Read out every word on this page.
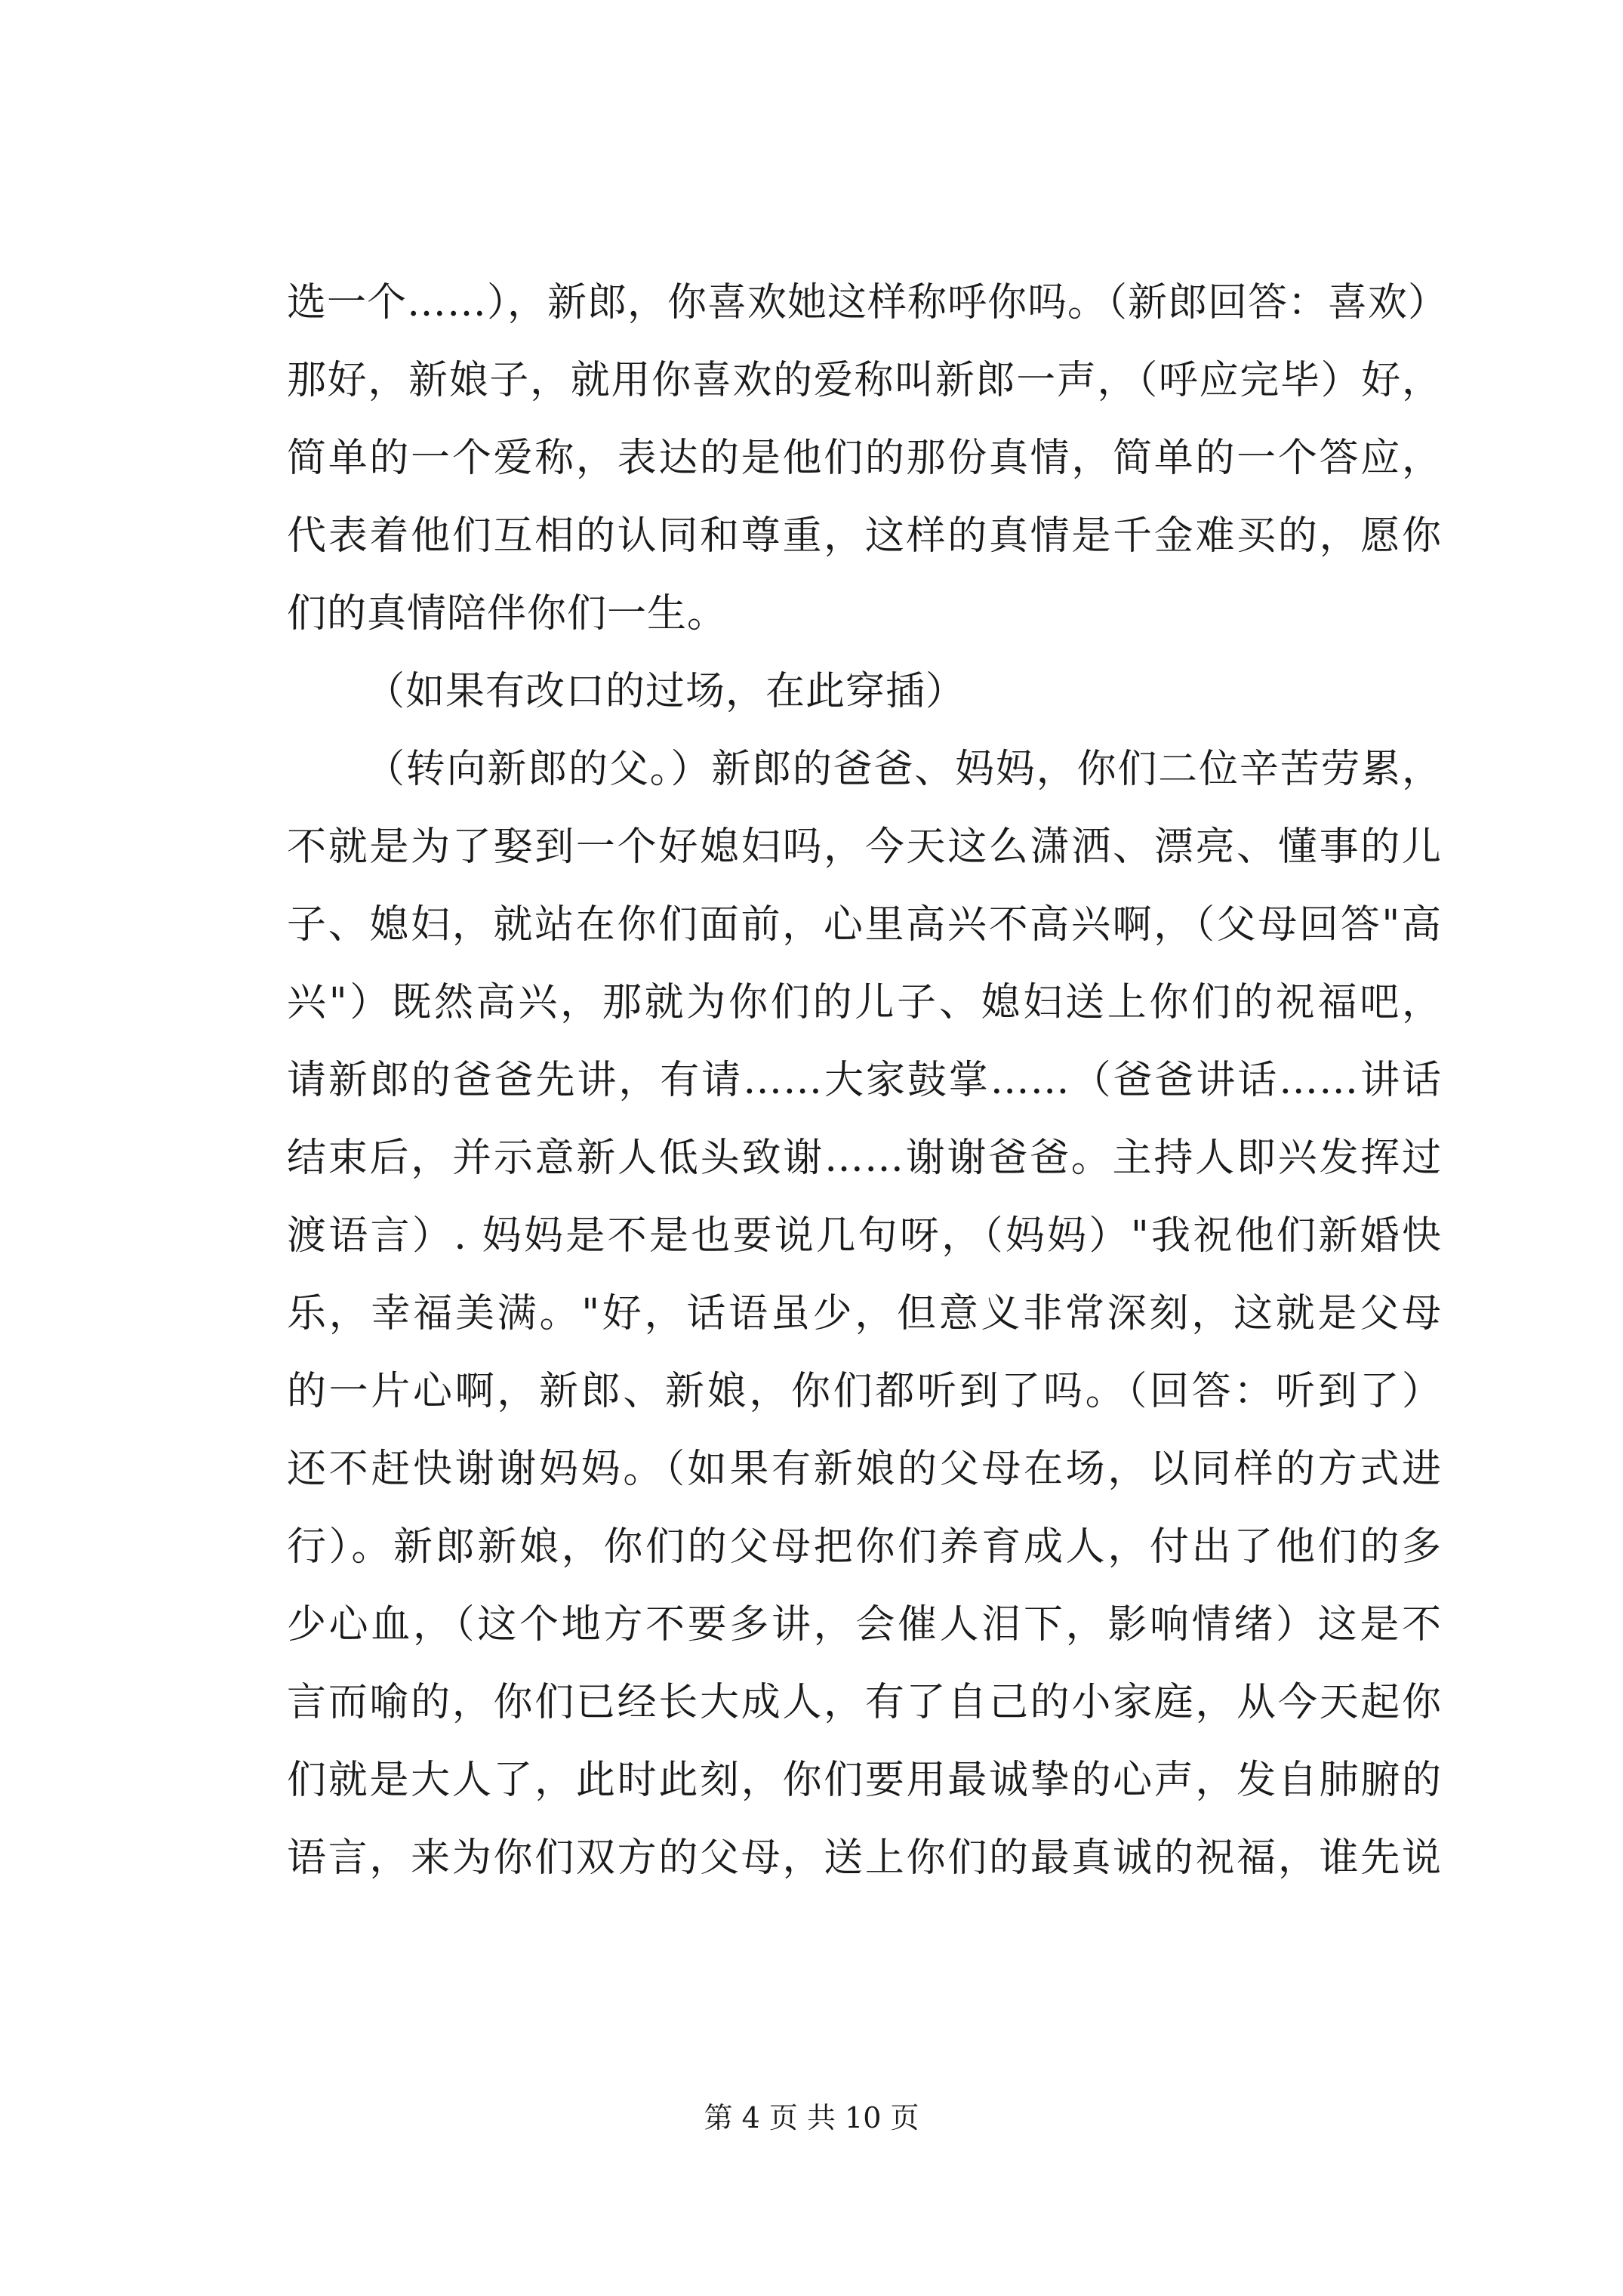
选一个……），新郎，你喜欢她这样称呼你吗。（新郎回答：喜欢）
那好，新娘子，就用你喜欢的爱称叫新郎一声，（呼应完毕）好，
简单的一个爱称，表达的是他们的那份真情，简单的一个答应，
代表着他们互相的认同和尊重，这样的真情是千金难买的，愿你
们的真情陪伴你们一生。
（如果有改口的过场，在此穿插）
（转向新郎的父。）新郎的爸爸、妈妈，你们二位辛苦劳累，
不就是为了娶到一个好媳妇吗，今天这么潇洒、漂亮、懂事的儿
子、媳妇，就站在你们面前，心里高兴不高兴啊，（父母回答"高
兴"）既然高兴，那就为你们的儿子、媳妇送上你们的祝福吧，
请新郎的爸爸先讲，有请……大家鼓掌……（爸爸讲话……讲话
结束后，并示意新人低头致谢……谢谢爸爸。主持人即兴发挥过
渡语言）. 妈妈是不是也要说几句呀，（妈妈）"我祝他们新婚快
乐，幸福美满。"好，话语虽少，但意义非常深刻，这就是父母
的一片心啊，新郎、新娘，你们都听到了吗。（回答：听到了）
还不赶快谢谢妈妈。（如果有新娘的父母在场，以同样的方式进
行）。新郎新娘，你们的父母把你们养育成人，付出了他们的多
少心血，（这个地方不要多讲，会催人泪下，影响情绪）这是不
言而喻的，你们已经长大成人，有了自己的小家庭，从今天起你
们就是大人了，此时此刻，你们要用最诚挚的心声，发自肺腑的
语言，来为你们双方的父母，送上你们的最真诚的祝福，谁先说
第 4 页 共 10 页
